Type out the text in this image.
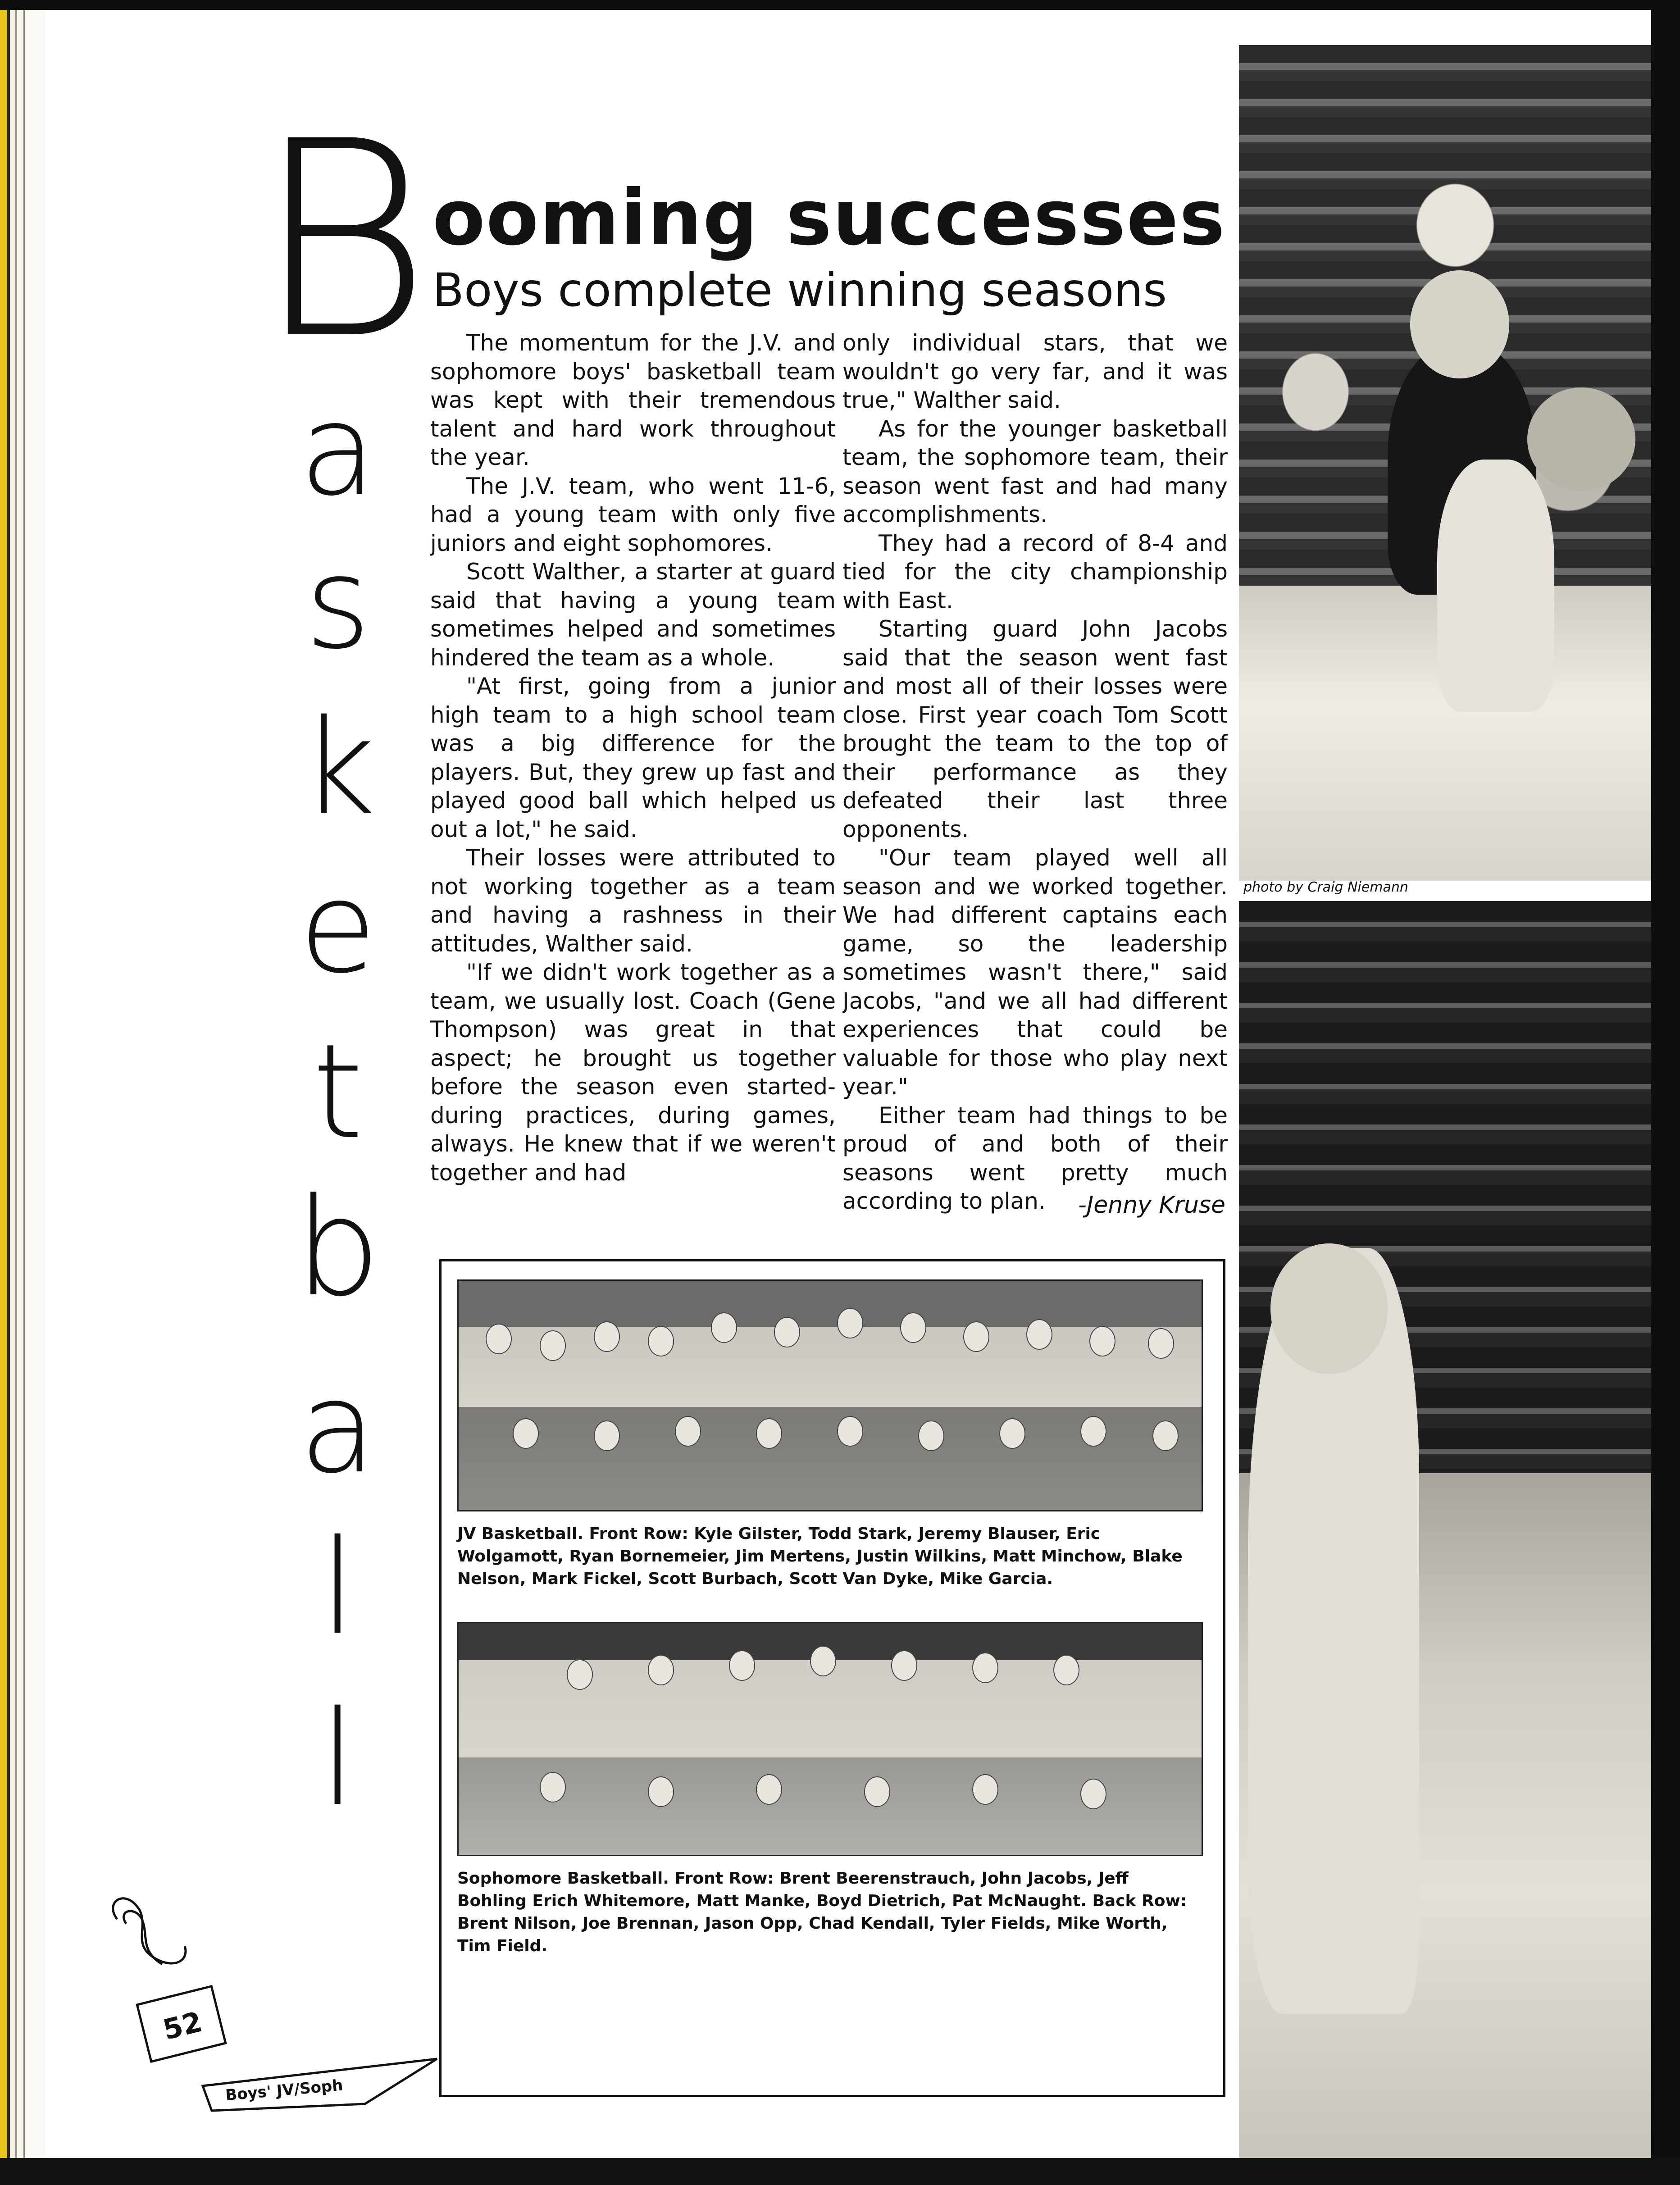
B
a
s
k
e
t
b
a
l
l
ooming successes
Boys complete winning seasons

The momentum for the J.V. and sophomore boys' basketball team was kept with their tremendous talent and hard work throughout the year.

The J.V. team, who went 11-6, had a young team with only five juniors and eight sophomores.

Scott Walther, a starter at guard said that having a young team sometimes helped and sometimes hindered the team as a whole.

"At first, going from a junior high team to a high school team was a big difference for the players. But, they grew up fast and played good ball which helped us out a lot," he said.

Their losses were attributed to not working together as a team and having a rashness in their attitudes, Walther said.

"If we didn't work together as a team, we usually lost. Coach (Gene Thompson) was great in that aspect; he brought us together before the season even started-during practices, during games, always. He knew that if we weren't together and had

only individual stars, that we wouldn't go very far, and it was true," Walther said.

As for the younger basketball team, the sophomore team, their season went fast and had many accomplishments.

They had a record of 8-4 and tied for the city championship with East.

Starting guard John Jacobs said that the season went fast and most all of their losses were close. First year coach Tom Scott brought the team to the top of their performance as they defeated their last three opponents.

"Our team played well all season and we worked together. We had different captains each game, so the leadership sometimes wasn't there," said Jacobs, "and we all had different experiences that could be valuable for those who play next year."

Either team had things to be proud of and both of their seasons went pretty much according to plan.	-Jenny Kruse
photo by Craig Niemann
JV Basketball. Front Row: Kyle Gilster, Todd Stark, Jeremy Blauser, Eric Wolgamott, Ryan Bornemeier, Jim Mertens, Justin Wilkins, Matt Minchow, Blake Nelson, Mark Fickel, Scott Burbach, Scott Van Dyke, Mike Garcia.
Sophomore Basketball. Front Row: Brent Beerenstrauch, John Jacobs, Jeff Bohling Erich Whitemore, Matt Manke, Boyd Dietrich, Pat McNaught. Back Row: Brent Nilson, Joe Brennan, Jason Opp, Chad Kendall, Tyler Fields, Mike Worth, Tim Field.
52
Boys' JV/Soph
